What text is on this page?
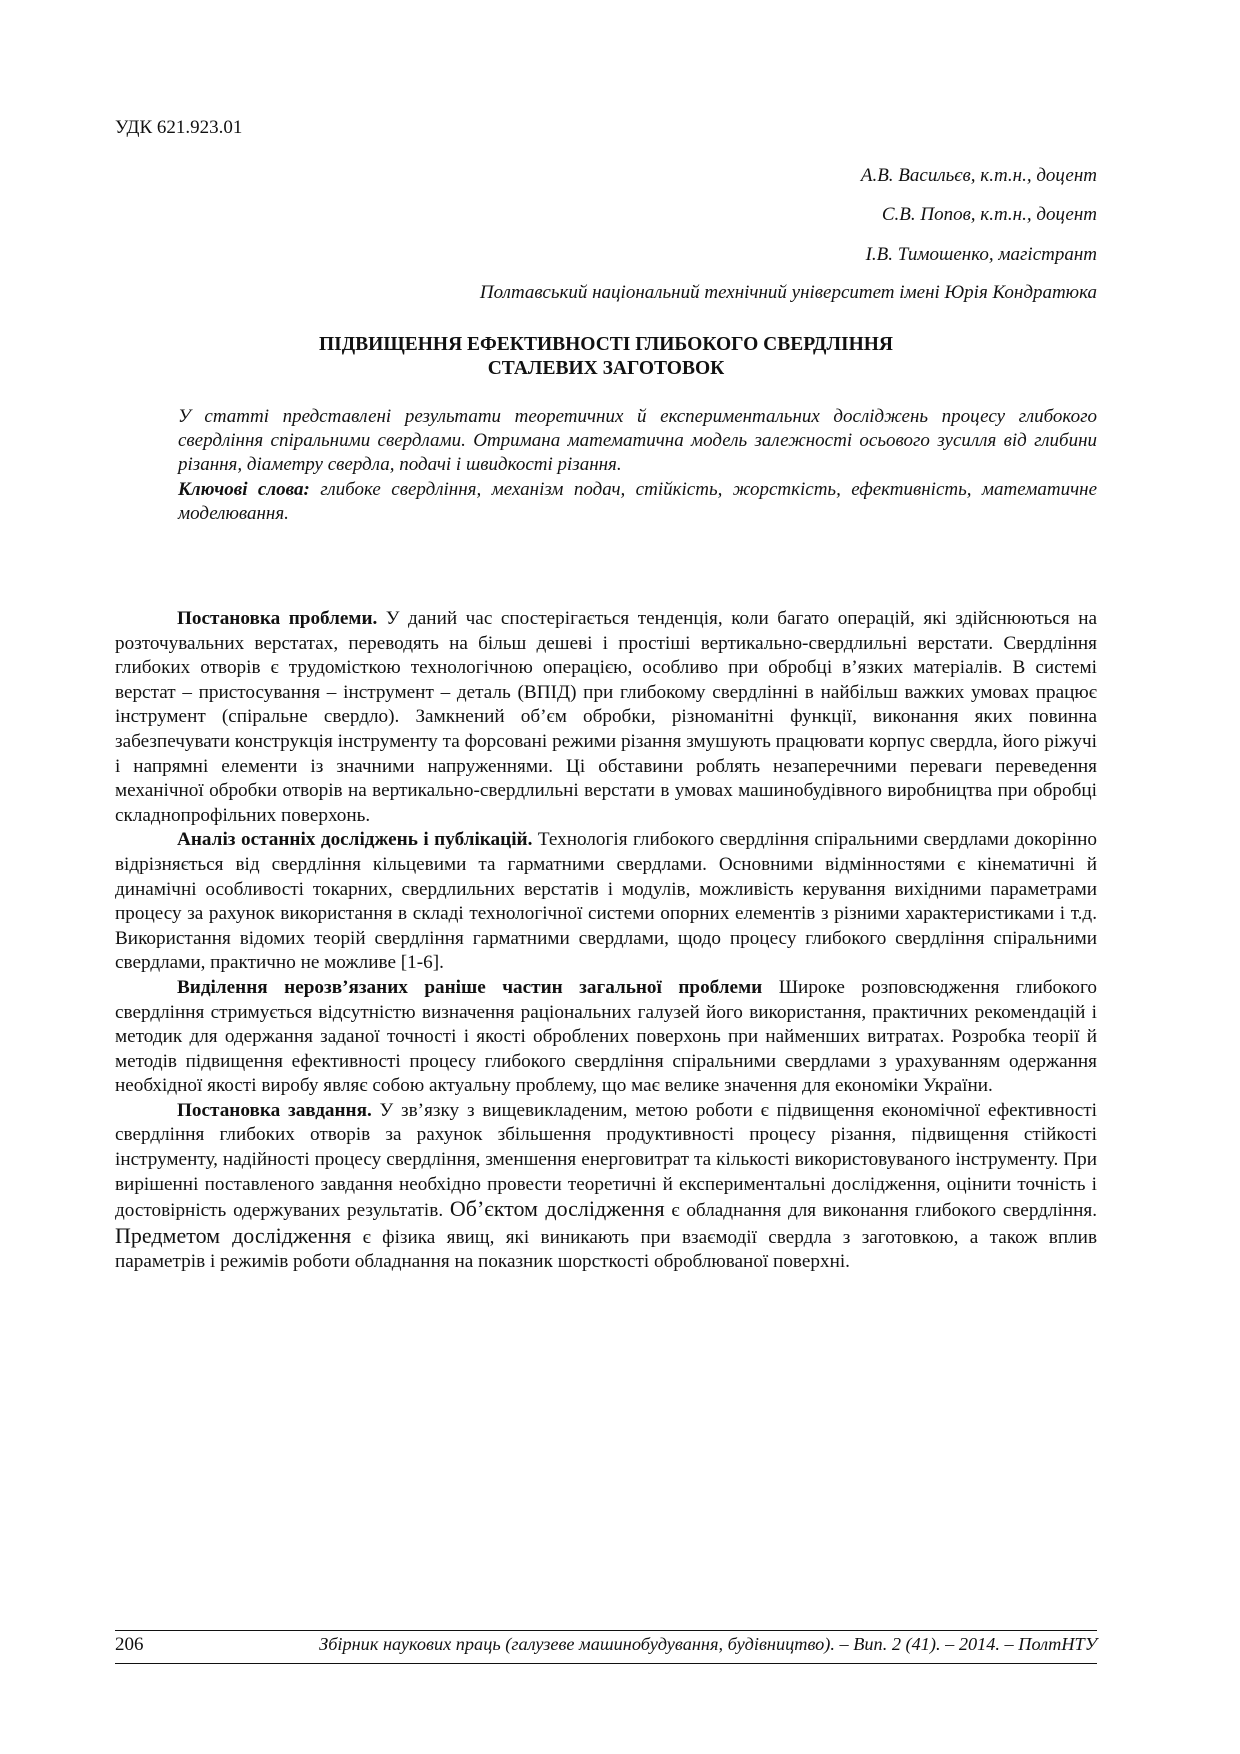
УДК 621.923.01
А.В. Васильєв, к.т.н., доцент
С.В. Попов, к.т.н., доцент
І.В. Тимошенко, магістрант
Полтавський національний технічний університет імені Юрія Кондратюка
ПІДВИЩЕННЯ ЕФЕКТИВНОСТІ ГЛИБОКОГО СВЕРДЛІННЯ
СТАЛЕВИХ ЗАГОТОВОК

У статті представлені результати теоретичних й експериментальних досліджень процесу глибокого свердління спіральними свердлами. Отримана математична модель залежності осьового зусилля від глибини різання, діаметру свердла, подачі і швидкості різання.

Ключові слова: глибоке свердління, механізм подач, стійкість, жорсткість, ефективність, математичне моделювання.

Постановка проблеми. У даний час спостерігається тенденція, коли багато операцій, які здійснюються на розточувальних верстатах, переводять на більш дешеві і простіші вертикально-свердлильні верстати. Свердління глибоких отворів є трудомісткою технологічною операцією, особливо при обробці в’язких матеріалів. В системі верстат – пристосування – інструмент – деталь (ВПІД) при глибокому свердлінні в найбільш важких умовах працює інструмент (спіральне свердло). Замкнений об’єм обробки, різноманітні функції, виконання яких повинна забезпечувати конструкція інструменту та форсовані режими різання змушують працювати корпус свердла, його ріжучі і напрямні елементи із значними напруженнями. Ці обставини роблять незаперечними переваги переведення механічної обробки отворів на вертикально-свердлильні верстати в умовах машинобудівного виробництва при обробці складнопрофільних поверхонь.

Аналіз останніх досліджень і публікацій. Технологія глибокого свердління спіральними свердлами докорінно відрізняється від свердління кільцевими та гарматними свердлами. Основними відмінностями є кінематичні й динамічні особливості токарних, свердлильних верстатів і модулів, можливість керування вихідними параметрами процесу за рахунок використання в складі технологічної системи опорних елементів з різними характеристиками і т.д. Використання відомих теорій свердління гарматними свердлами, щодо процесу глибокого свердління спіральними свердлами, практично не можливе [1-6].

Виділення нерозв’язаних раніше частин загальної проблеми Широке розповсюдження глибокого свердління стримується відсутністю визначення раціональних галузей його використання, практичних рекомендацій і методик для одержання заданої точності і якості оброблених поверхонь при найменших витратах. Розробка теорії й методів підвищення ефективності процесу глибокого свердління спіральними свердлами з урахуванням одержання необхідної якості виробу являє собою актуальну проблему, що має велике значення для економіки України.

Постановка завдання. У зв’язку з вищевикладеним, метою роботи є підвищення економічної ефективності свердління глибоких отворів за рахунок збільшення продуктивності процесу різання, підвищення стійкості інструменту, надійності процесу свердління, зменшення енерговитрат та кількості використовуваного інструменту. При вирішенні поставленого завдання необхідно провести теоретичні й експериментальні дослідження, оцінити точність і достовірність одержуваних результатів. Об’єктом дослідження є обладнання для виконання глибокого свердління. Предметом дослідження є фізика явищ, які виникають при взаємодії свердла з заготовкою, а також вплив параметрів і режимів роботи обладнання на показник шорсткості оброблюваної поверхні.

206	Збірник наукових праць (галузеве машинобудування, будівництво). – Вип. 2 (41). – 2014. – ПолтНТУ
